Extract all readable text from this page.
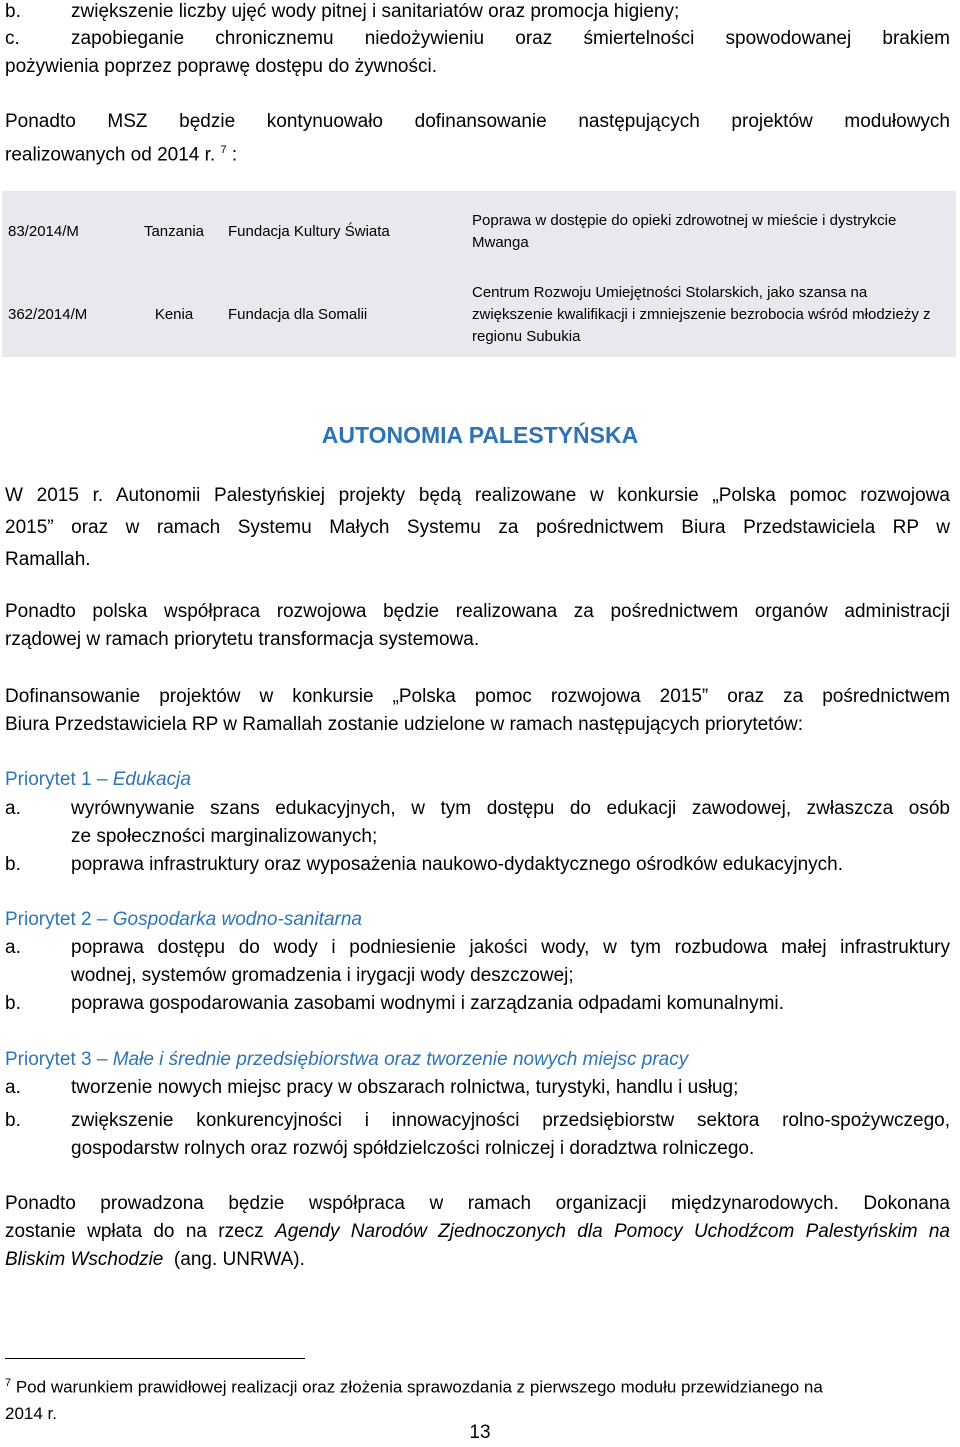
b.	zwiększenie liczby ujęć wody pitnej i sanitariatów oraz promocja higieny;
c.	zapobieganie chronicznemu niedożywieniu oraz śmiertelności spowodowanej brakiem
pożywienia poprzez poprawę dostępu do żywności.
Ponadto MSZ będzie kontynuowało dofinansowanie następujących projektów modułowych
realizowanych od 2014 r. $^7$ :
83/2014/M	Tanzania	Fundacja Kultury Świata	Poprawa w dostępie do opieki zdrowotnej w mieście i dystrykcie Mwanga
362/2014/M	Kenia	Fundacja dla Somalii	Centrum Rozwoju Umiejętności Stolarskich, jako szansa na zwiększenie kwalifikacji i zmniejszenie bezrobocia wśród młodzieży z regionu Subukia
AUTONOMIA PALESTYŃSKA
W 2015 r. Autonomii Palestyńskiej projekty będą realizowane w konkursie „Polska pomoc rozwojowa
2015” oraz w ramach Systemu Małych Systemu za pośrednictwem Biura Przedstawiciela RP w
Ramallah.
Ponadto polska współpraca rozwojowa będzie realizowana za pośrednictwem organów administracji
rządowej w ramach priorytetu transformacja systemowa.
Dofinansowanie projektów w konkursie „Polska pomoc rozwojowa 2015” oraz za pośrednictwem
Biura Przedstawiciela RP w Ramallah zostanie udzielone w ramach następujących priorytetów:
Priorytet 1 – Edukacja
a.	wyrównywanie szans edukacyjnych, w tym dostępu do edukacji zawodowej, zwłaszcza osób
ze społeczności marginalizowanych;
b.	poprawa infrastruktury oraz wyposażenia naukowo-dydaktycznego ośrodków edukacyjnych.
Priorytet 2 – Gospodarka wodno-sanitarna
a.	poprawa dostępu do wody i podniesienie jakości wody, w tym rozbudowa małej infrastruktury
wodnej, systemów gromadzenia i irygacji wody deszczowej;
b.	poprawa gospodarowania zasobami wodnymi i zarządzania odpadami komunalnymi.
Priorytet 3 – Małe i średnie przedsiębiorstwa oraz tworzenie nowych miejsc pracy
a.	tworzenie nowych miejsc pracy w obszarach rolnictwa, turystyki, handlu i usług;
b.	zwiększenie konkurencyjności i innowacyjności przedsiębiorstw sektora rolno-spożywczego,
gospodarstw rolnych oraz rozwój spółdzielczości rolniczej i doradztwa rolniczego.
Ponadto prowadzona będzie współpraca w ramach organizacji międzynarodowych. Dokonana
zostanie wpłata do na rzecz Agendy Narodów Zjednoczonych dla Pomocy Uchodźcom Palestyńskim na
Bliskim Wschodzie  (ang. UNRWA).
$^7$ Pod warunkiem prawidłowej realizacji oraz złożenia sprawozdania z pierwszego modułu przewidzianego na
2014 r.
13
